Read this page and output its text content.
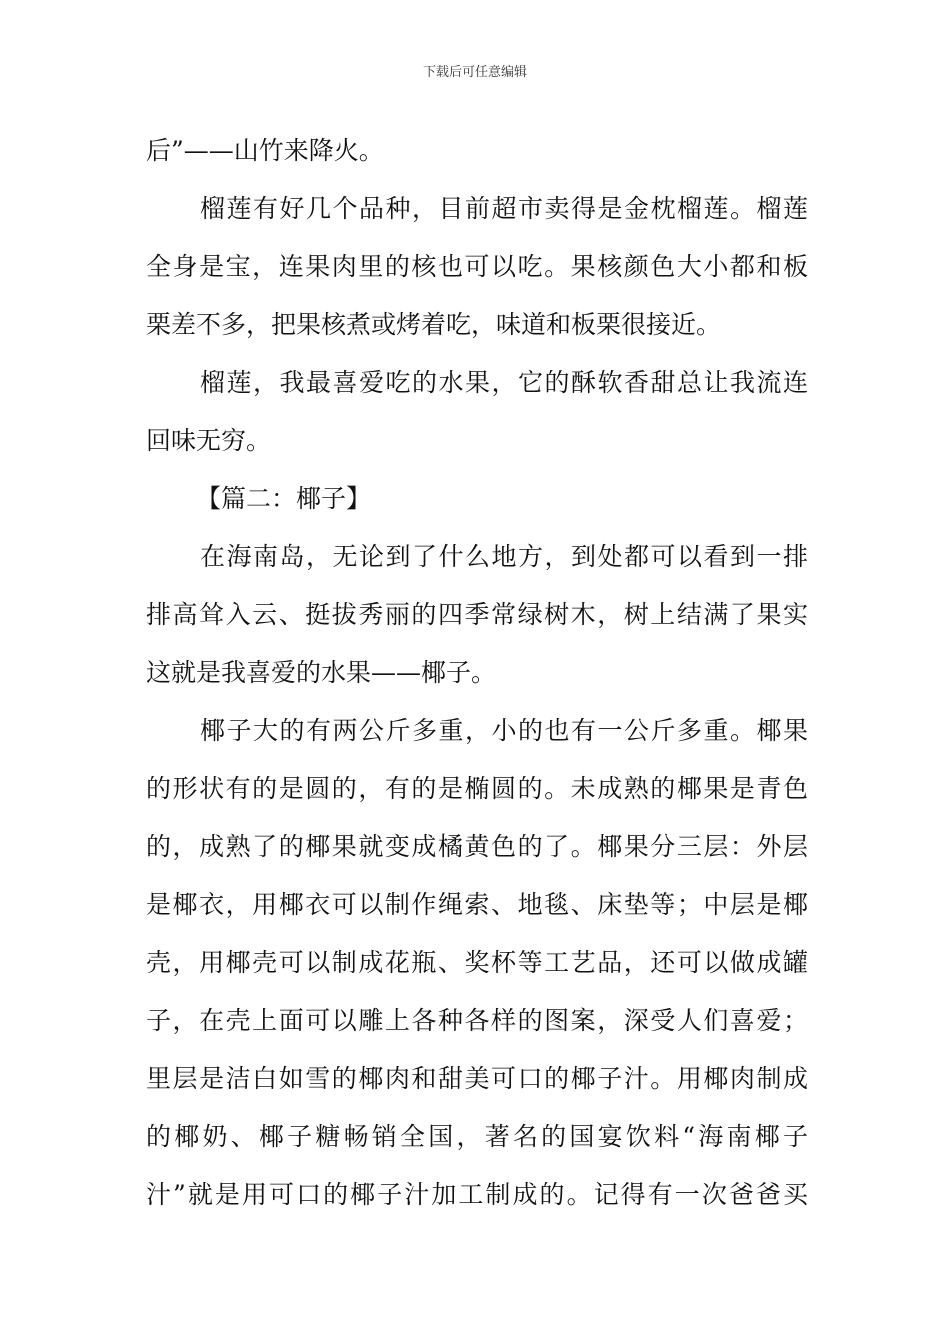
下载后可任意编辑
后”——山竹来降火。
榴莲有好几个品种，目前超市卖得是金枕榴莲。榴莲
全身是宝，连果肉里的核也可以吃。果核颜色大小都和板
栗差不多，把果核煮或烤着吃，味道和板栗很接近。
榴莲，我最喜爱吃的水果，它的酥软香甜总让我流连
回味无穷。
【篇二：椰子】
在海南岛，无论到了什么地方，到处都可以看到一排
排高耸入云、挺拔秀丽的四季常绿树木，树上结满了果实
这就是我喜爱的水果——椰子。
椰子大的有两公斤多重，小的也有一公斤多重。椰果
的形状有的是圆的，有的是椭圆的。未成熟的椰果是青色
的，成熟了的椰果就变成橘黄色的了。椰果分三层：外层
是椰衣，用椰衣可以制作绳索、地毯、床垫等；中层是椰
壳，用椰壳可以制成花瓶、奖杯等工艺品，还可以做成罐
子，在壳上面可以雕上各种各样的图案，深受人们喜爱；
里层是洁白如雪的椰肉和甜美可口的椰子汁。用椰肉制成
的椰奶、椰子糖畅销全国，著名的国宴饮料“海南椰子
汁”就是用可口的椰子汁加工制成的。记得有一次爸爸买
